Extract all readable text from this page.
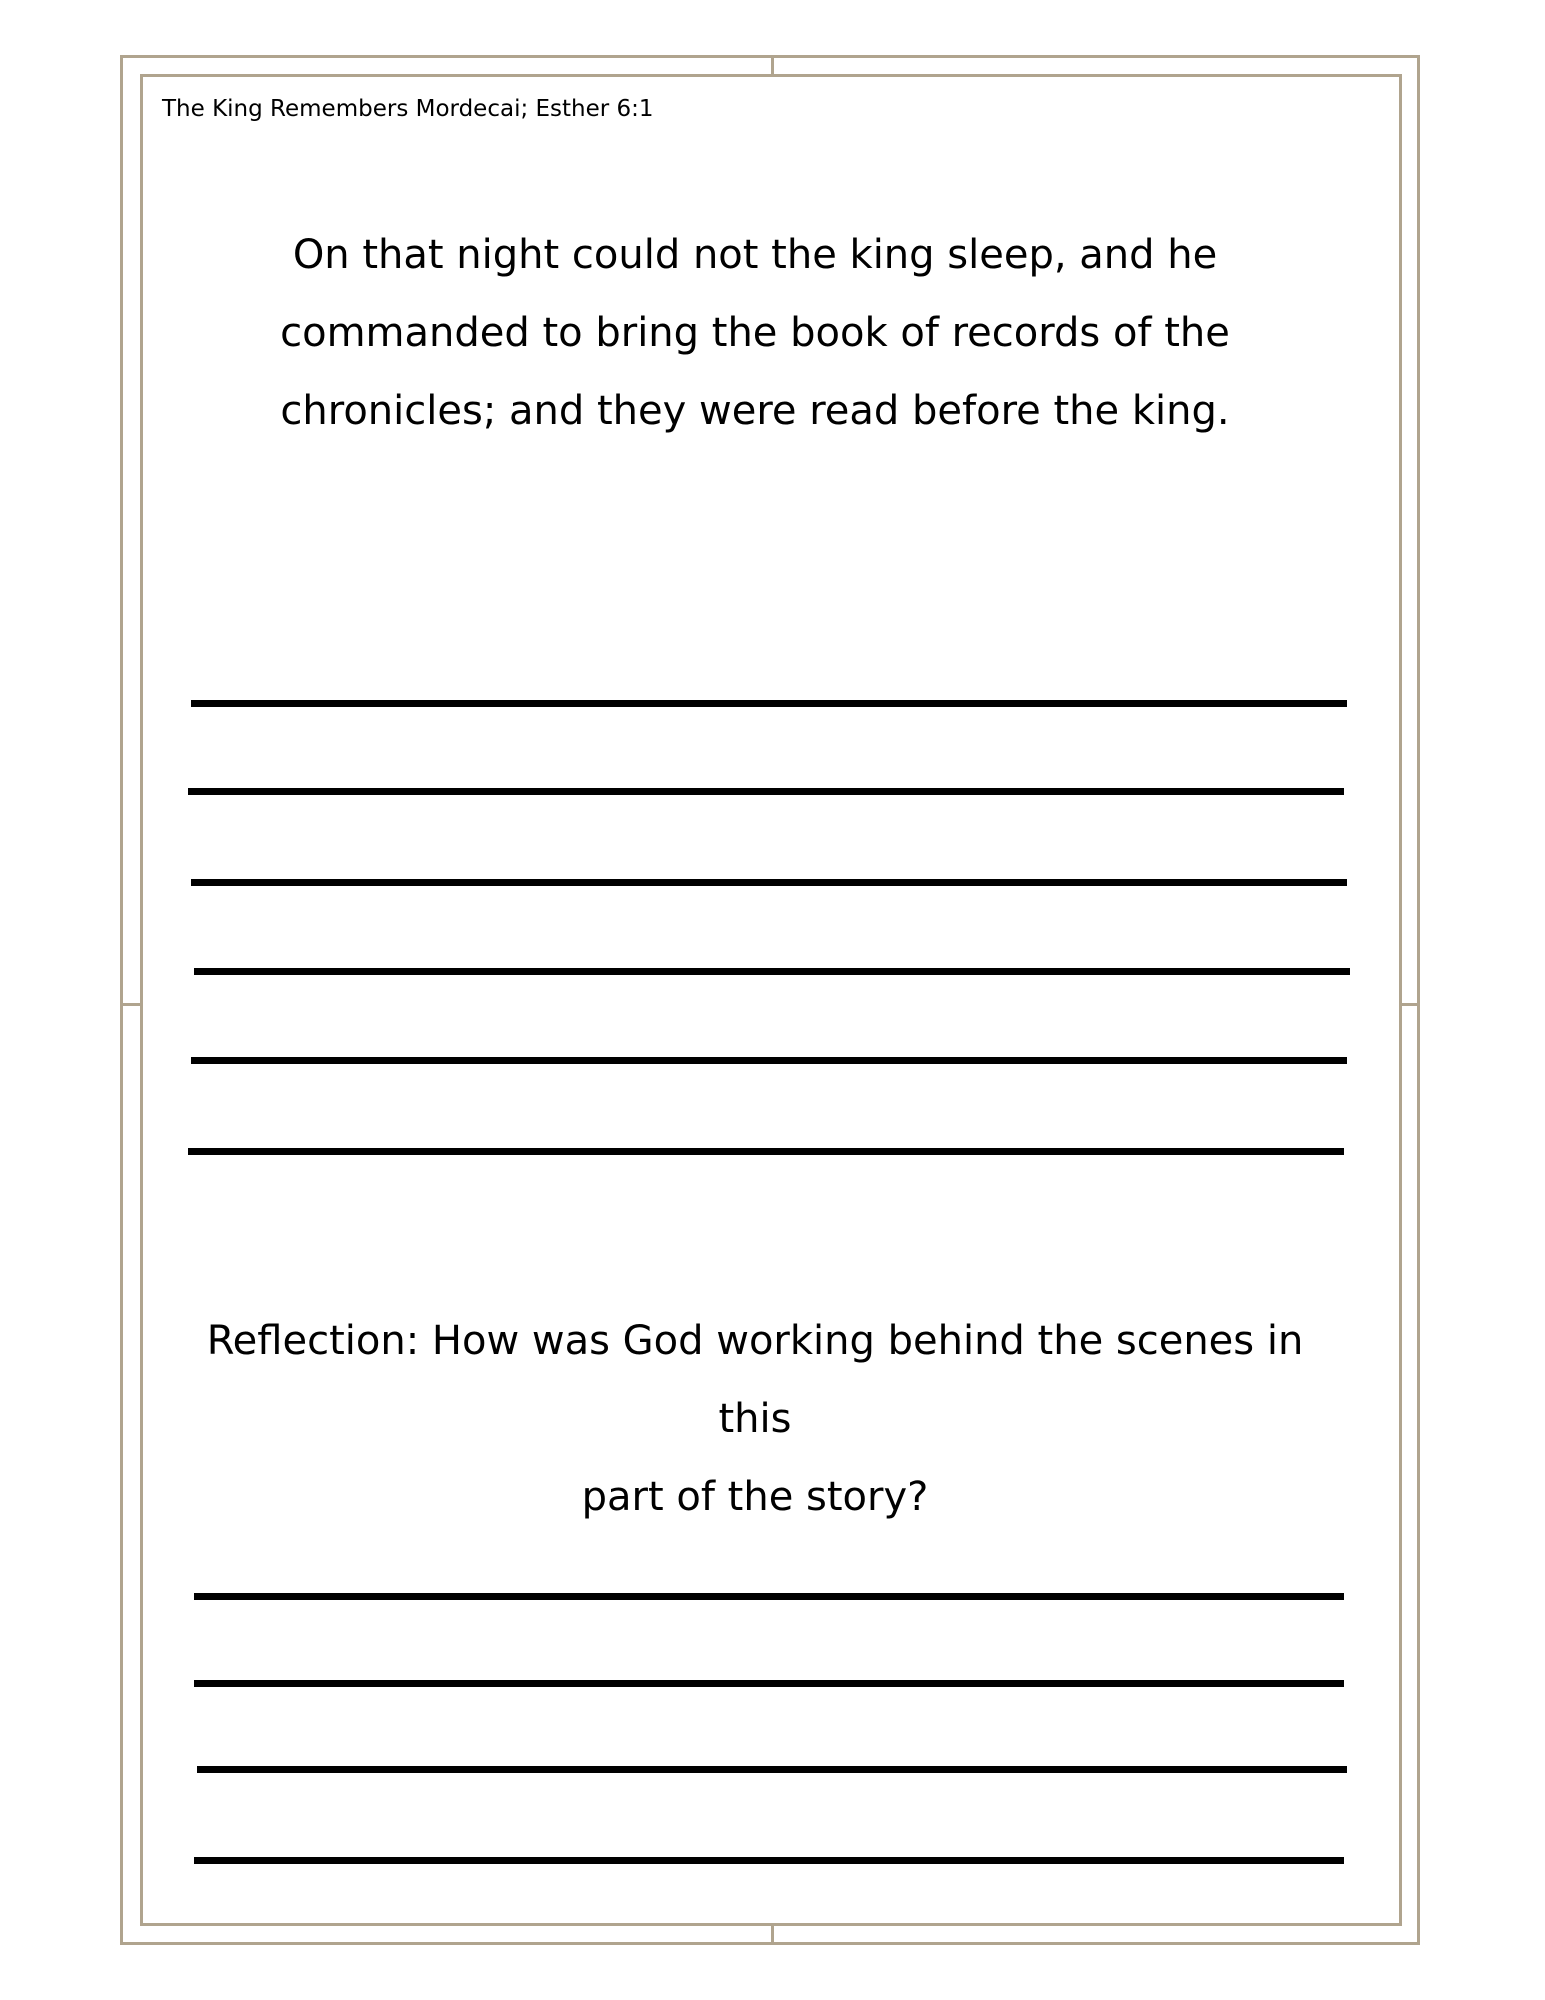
The King Remembers Mordecai; Esther 6:1
On that night could not the king sleep, and he
commanded to bring the book of records of the
chronicles; and they were read before the king.
Reflection: How was God working behind the scenes in this
part of the story?
